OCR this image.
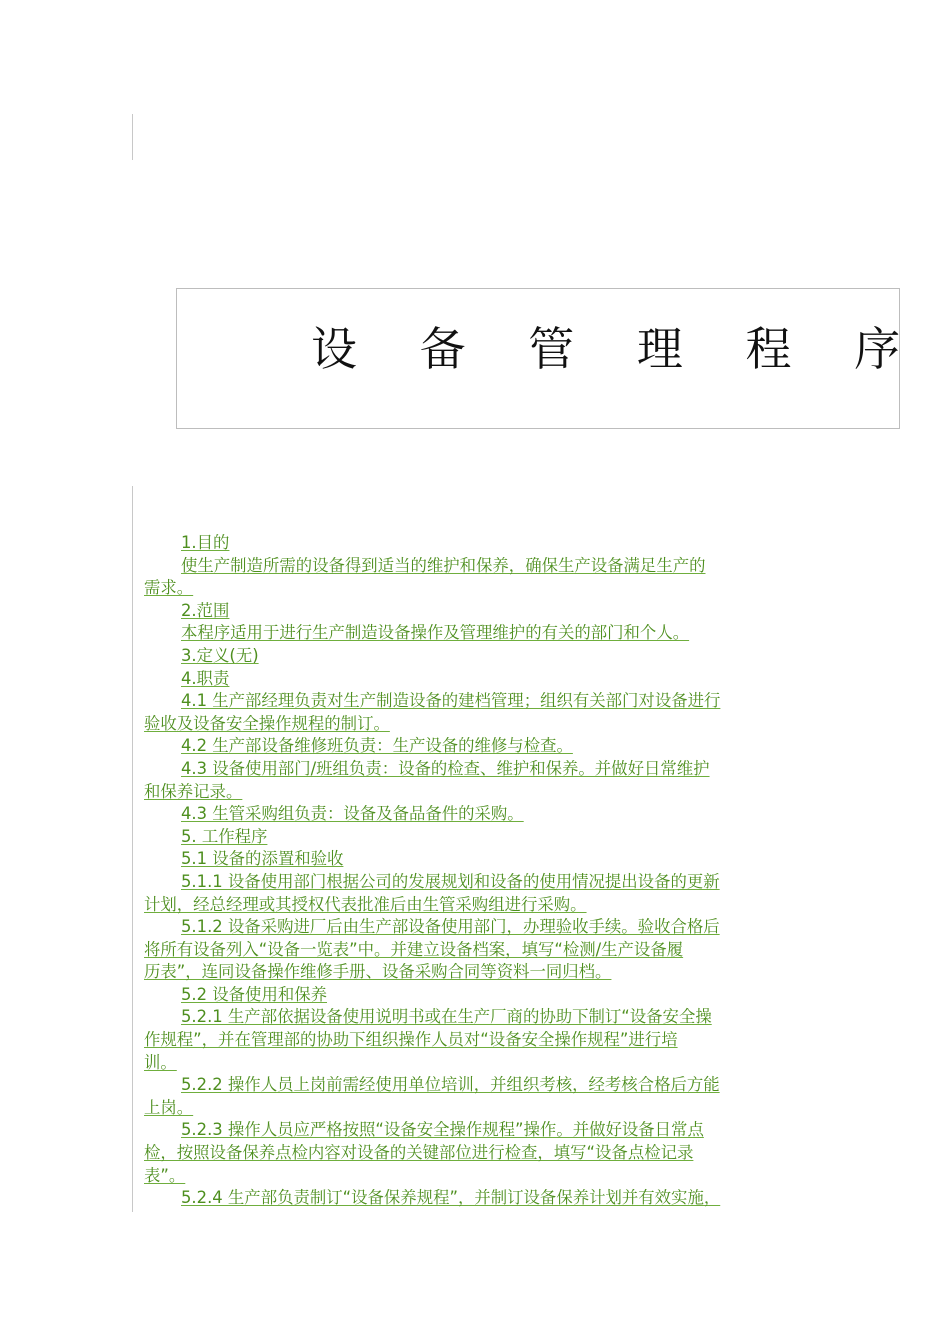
设 备 管 理 程 序
1.目的
使生产制造所需的设备得到适当的维护和保养，确保生产设备满足生产的
需求。
2.范围
本程序适用于进行生产制造设备操作及管理维护的有关的部门和个人。
3.定义(无)
4.职责
4.1 生产部经理负责对生产制造设备的建档管理；组织有关部门对设备进行
验收及设备安全操作规程的制订。
4.2 生产部设备维修班负责：生产设备的维修与检查。
4.3 设备使用部门/班组负责：设备的检查、维护和保养。并做好日常维护
和保养记录。
4.3 生管采购组负责：设备及备品备件的采购。
5. 工作程序
5.1 设备的添置和验收
5.1.1 设备使用部门根据公司的发展规划和设备的使用情况提出设备的更新
计划，经总经理或其授权代表批准后由生管采购组进行采购。
5.1.2 设备采购进厂后由生产部设备使用部门，办理验收手续。验收合格后
将所有设备列入“设备一览表”中。并建立设备档案，填写“检测/生产设备履
历表”，连同设备操作维修手册、设备采购合同等资料一同归档。
5.2 设备使用和保养
5.2.1 生产部依据设备使用说明书或在生产厂商的协助下制订“设备安全操
作规程”，并在管理部的协助下组织操作人员对“设备安全操作规程”进行培
训。
5.2.2 操作人员上岗前需经使用单位培训，并组织考核，经考核合格后方能
上岗。
5.2.3 操作人员应严格按照“设备安全操作规程”操作。并做好设备日常点
检，按照设备保养点检内容对设备的关键部位进行检查，填写“设备点检记录
表”。
5.2.4 生产部负责制订“设备保养规程”，并制订设备保养计划并有效实施，
